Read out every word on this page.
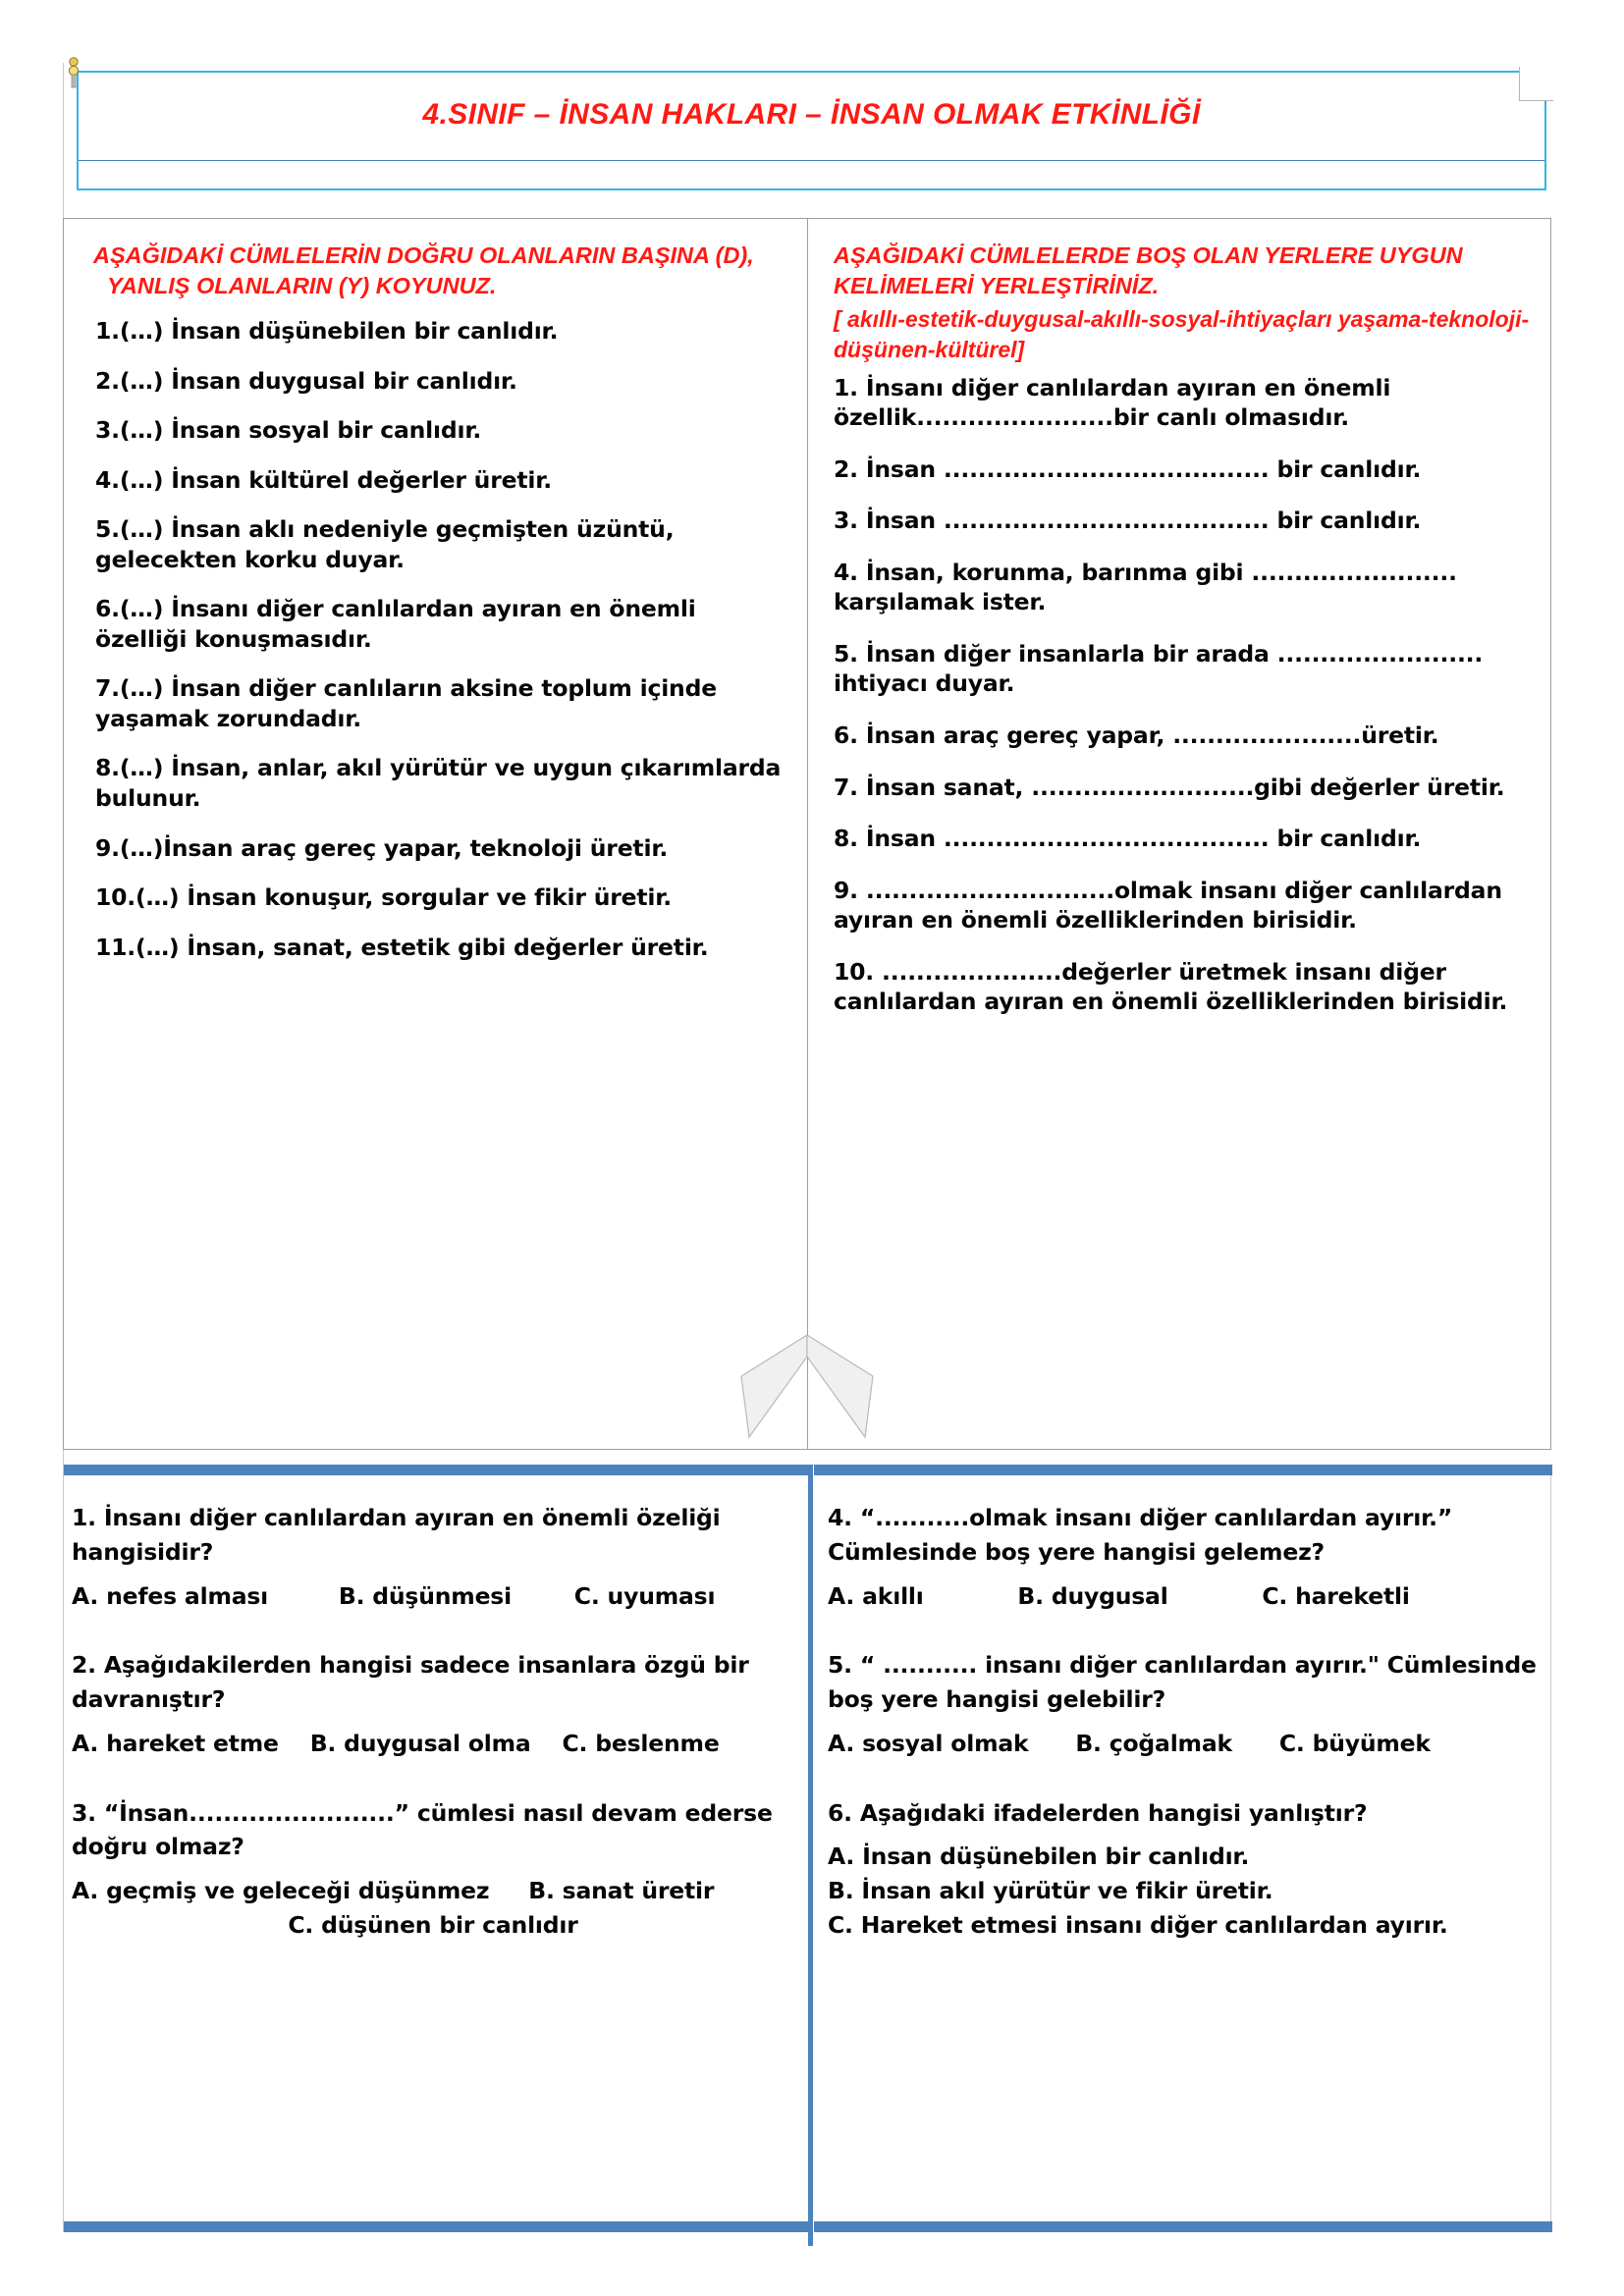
4.SINIF – İNSAN HAKLARI – İNSAN OLMAK ETKİNLİĞİ
AŞAĞIDAKİ CÜMLELERİN DOĞRU OLANLARIN BAŞINA (D), YANLIŞ OLANLARIN (Y) KOYUNUZ.
1.(…) İnsan düşünebilen bir canlıdır.
2.(…) İnsan duygusal bir canlıdır.
3.(…) İnsan sosyal bir canlıdır.
4.(…) İnsan kültürel değerler üretir.
5.(…) İnsan aklı nedeniyle geçmişten üzüntü, gelecekten korku duyar.
6.(…) İnsanı diğer canlılardan ayıran en önemli özelliği konuşmasıdır.
7.(…) İnsan diğer canlıların aksine toplum içinde yaşamak zorundadır.
8.(…) İnsan, anlar, akıl yürütür ve uygun çıkarımlarda bulunur.
9.(…)İnsan araç gereç yapar, teknoloji üretir.
10.(…) İnsan konuşur, sorgular ve fikir üretir.
11.(…) İnsan, sanat, estetik gibi değerler üretir.
AŞAĞIDAKİ CÜMLELERDE BOŞ OLAN YERLERE UYGUN KELİMELERİ YERLEŞTİRİNİZ.
[ akıllı-estetik-duygusal-akıllı-sosyal-ihtiyaçları yaşama-teknoloji-düşünen-kültürel]
1. İnsanı diğer canlılardan ayıran en önemli özellik.......................bir canlı olmasıdır.
2. İnsan ...................................... bir canlıdır.
3. İnsan ...................................... bir canlıdır.
4. İnsan, korunma, barınma gibi ........................ karşılamak ister.
5. İnsan diğer insanlarla bir arada ........................ ihtiyacı duyar.
6. İnsan araç gereç yapar, ......................üretir.
7. İnsan sanat, ..........................gibi değerler üretir.
8. İnsan ...................................... bir canlıdır.
9. .............................olmak insanı diğer canlılardan ayıran en önemli özelliklerinden birisidir.
10. .....................değerler üretmek insanı diğer canlılardan ayıran en önemli özelliklerinden birisidir.
1. İnsanı diğer canlılardan ayıran en önemli özeliği hangisidir?
A. nefes alması         B. düşünmesi        C. uyuması
2. Aşağıdakilerden hangisi sadece insanlara özgü bir davranıştır?
A. hareket etme    B. duygusal olma    C. beslenme
3. “İnsan........................” cümlesi nasıl devam ederse doğru olmaz?
A. geçmiş ve geleceği düşünmez     B. sanat üretir
C. düşünen bir canlıdır
4. “...........olmak insanı diğer canlılardan ayırır.” Cümlesinde boş yere hangisi gelemez?
A. akıllı            B. duygusal            C. hareketli
5. “ ........... insanı diğer canlılardan ayırır." Cümlesinde boş yere hangisi gelebilir?
A. sosyal olmak      B. çoğalmak      C. büyümek
6. Aşağıdaki ifadelerden hangisi yanlıştır?
A. İnsan düşünebilen bir canlıdır.
B. İnsan akıl yürütür ve fikir üretir.
C. Hareket etmesi insanı diğer canlılardan ayırır.
